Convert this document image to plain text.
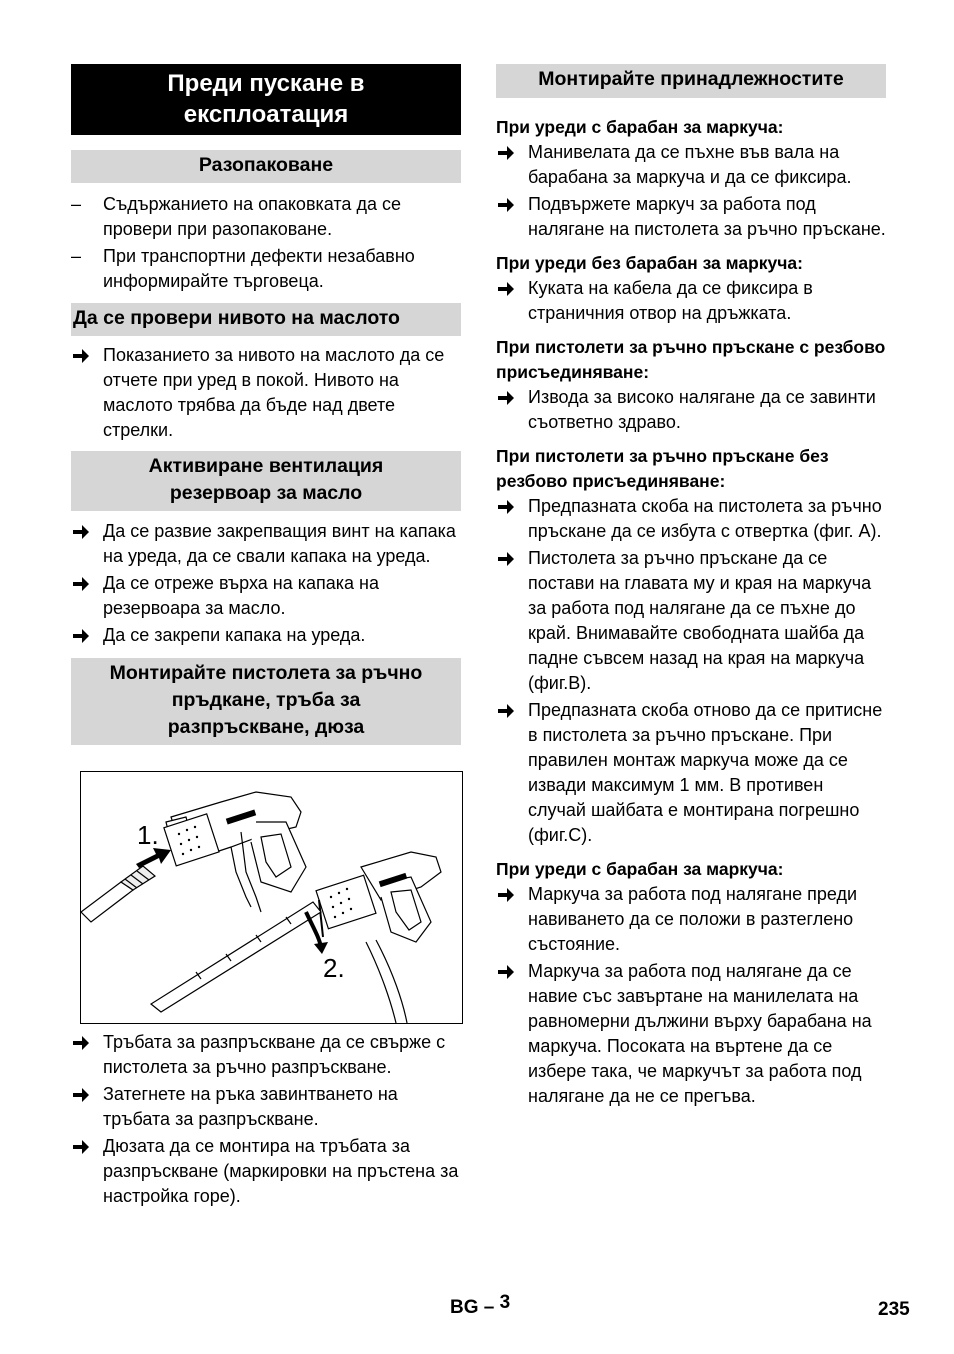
Преди пускане в
експлоатация
Разопаковане
– Съдържанието на опаковката да се провери при разопаковане.
– При транспортни дефекти незабавно информирайте търговеца.
Да се провери нивото на маслото
Показанието за нивото на маслото да се отчете при уред в покой. Нивото на маслото трябва да бъде над двете стрелки.
Активиране вентилация
резервоар за масло
Да се развие закрепващия винт на капака на уреда, да се свали капака на уреда.
Да се отреже върха на капака на резервоара за масло.
Да се закрепи капака на уреда.
Монтирайте пистолета за ръчно
пръдкане, тръба за
разпръскване, дюза
1.
2.
Тръбата за разпръскване да се свърже с пистолета за ръчно разпръскване.
Затегнете на ръка завинтването на тръбата за разпръскване.
Дюзата да се монтира на тръбата за разпръскване (маркировки на пръстена за настройка горе).
Монтирайте принадлежностите
При уреди с барабан за маркуча:
Манивелата да се пъхне във вала на барабана за маркуча и да се фиксира.
Подвържете маркуч за работа под налягане на пистолета за ръчно пръскане.
При уреди без барабан за маркуча:
Куката на кабела да се фиксира в страничния отвор на дръжката.
При пистолети за ръчно пръскане с резбово присъединяване:
Извода за високо налягане да се завинти съответно здраво.
При пистолети за ръчно пръскане без резбово присъединяване:
Предпазната скоба на пистолета за ръчно пръскане да се избута с отвертка (фиг. A).
Пистолета за ръчно пръскане да се постави на главата му и края на маркуча за работа под налягане да се пъхне до край. Внимавайте свободната шайба да падне съвсем назад на края на маркуча (фиг.B).
Предпазната скоба отново да се притисне в пистолета за ръчно пръскане. При правилен монтаж маркуча може да се извади максимум 1 мм. В противен случай шайбата е монтирана погрешно (фиг.C).
При уреди с барабан за маркуча:
Маркуча за работа под налягане преди навиването да се положи в разтеглено състояние.
Маркуча за работа под налягане да се навие със завъртане на манилелата на равномерни дължини върху барабана на маркуча. Посоката на въртене да се избере така, че маркучът за работа под налягане да не се прегъва.
BG – 3	235
